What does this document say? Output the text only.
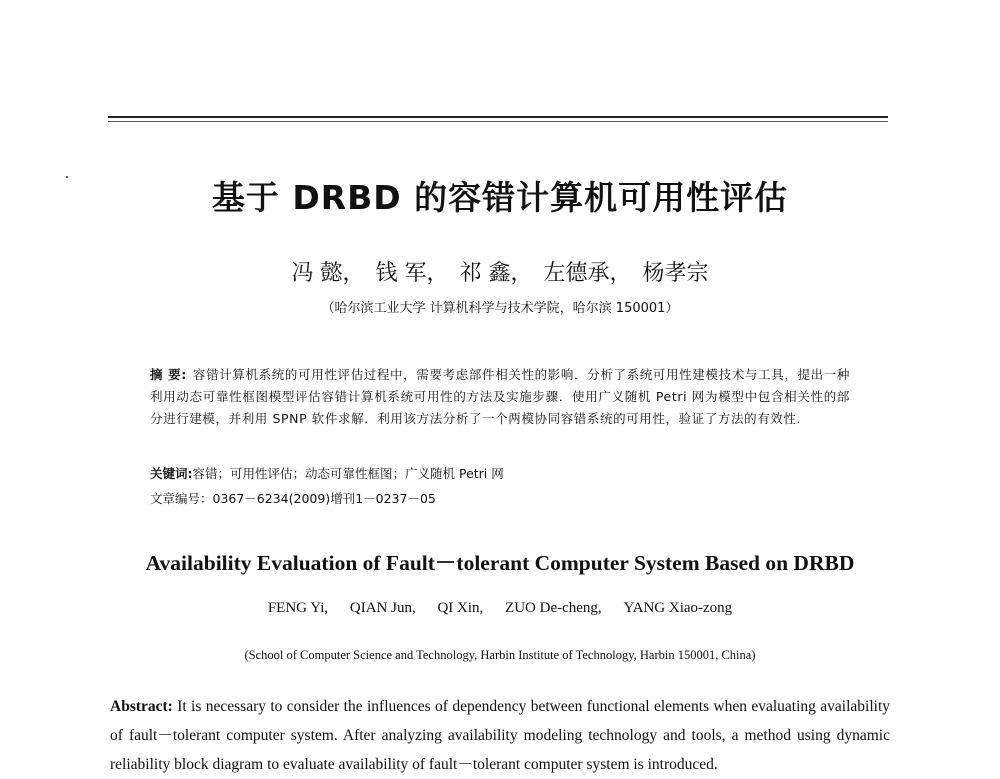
基于 DRBD 的容错计算机可用性评估
冯 懿， 钱 军， 祁 鑫， 左德承， 杨孝宗
（哈尔滨工业大学 计算机科学与技术学院，哈尔滨 150001）
摘 要: 容错计算机系统的可用性评估过程中，需要考虑部件相关性的影响．分析了系统可用性建模技术与工具，提出一种利用动态可靠性框图模型评估容错计算机系统可用性的方法及实施步骤．使用广义随机 Petri 网为模型中包含相关性的部分进行建模，并利用 SPNP 软件求解．利用该方法分析了一个两模协同容错系统的可用性，验证了方法的有效性．
关键词:容错；可用性评估；动态可靠性框图；广义随机 Petri 网
文章编号：0367－6234(2009)增刊1－0237－05
Availability Evaluation of Fault－tolerant Computer System Based on DRBD
FENG Yi, QIAN Jun, QI Xin, ZUO De-cheng, YANG Xiao-zong
(School of Computer Science and Technology, Harbin Institute of Technology, Harbin 150001, China)
Abstract: It is necessary to consider the influences of dependency between functional elements when evaluating availability of fault－tolerant computer system. After analyzing availability modeling technology and tools, a method using dynamic reliability block diagram to evaluate availability of fault－tolerant computer system is introduced.
